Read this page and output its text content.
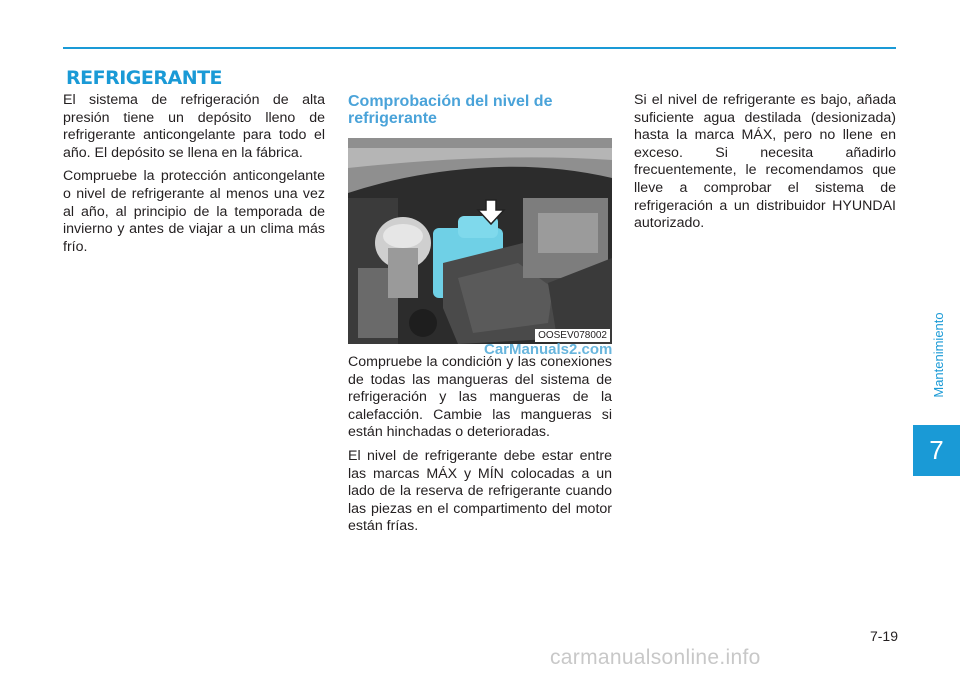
REFRIGERANTE

El sistema de refrigeración de alta presión tiene un depósito lleno de refrigerante anticongelante para todo el año. El depósito se llena en la fábrica.

Compruebe la protección anticongelante o nivel de refrigerante al menos una vez al año, al principio de la temporada de invierno y antes de viajar a un clima más frío.

Comprobación del nivel de refrigerante
OOSEV078002

Compruebe la condición y las conexiones de todas las mangueras del sistema de refrigeración y las mangueras de la calefacción. Cambie las mangueras si están hinchadas o deterioradas.

El nivel de refrigerante debe estar entre las marcas MÁX y MÍN colocadas a un lado de la reserva de refrigerante cuando las piezas en el compartimento del motor están frías.

CarManuals2.com

Si el nivel de refrigerante es bajo, añada suficiente agua destilada (desionizada) hasta la marca MÁX, pero no llene en exceso. Si necesita añadirlo frecuentemente, le recomendamos que lleve a comprobar el sistema de refrigeración a un distribuidor HYUNDAI autorizado.

Mantenimiento
7
7-19
carmanualsonline.info
